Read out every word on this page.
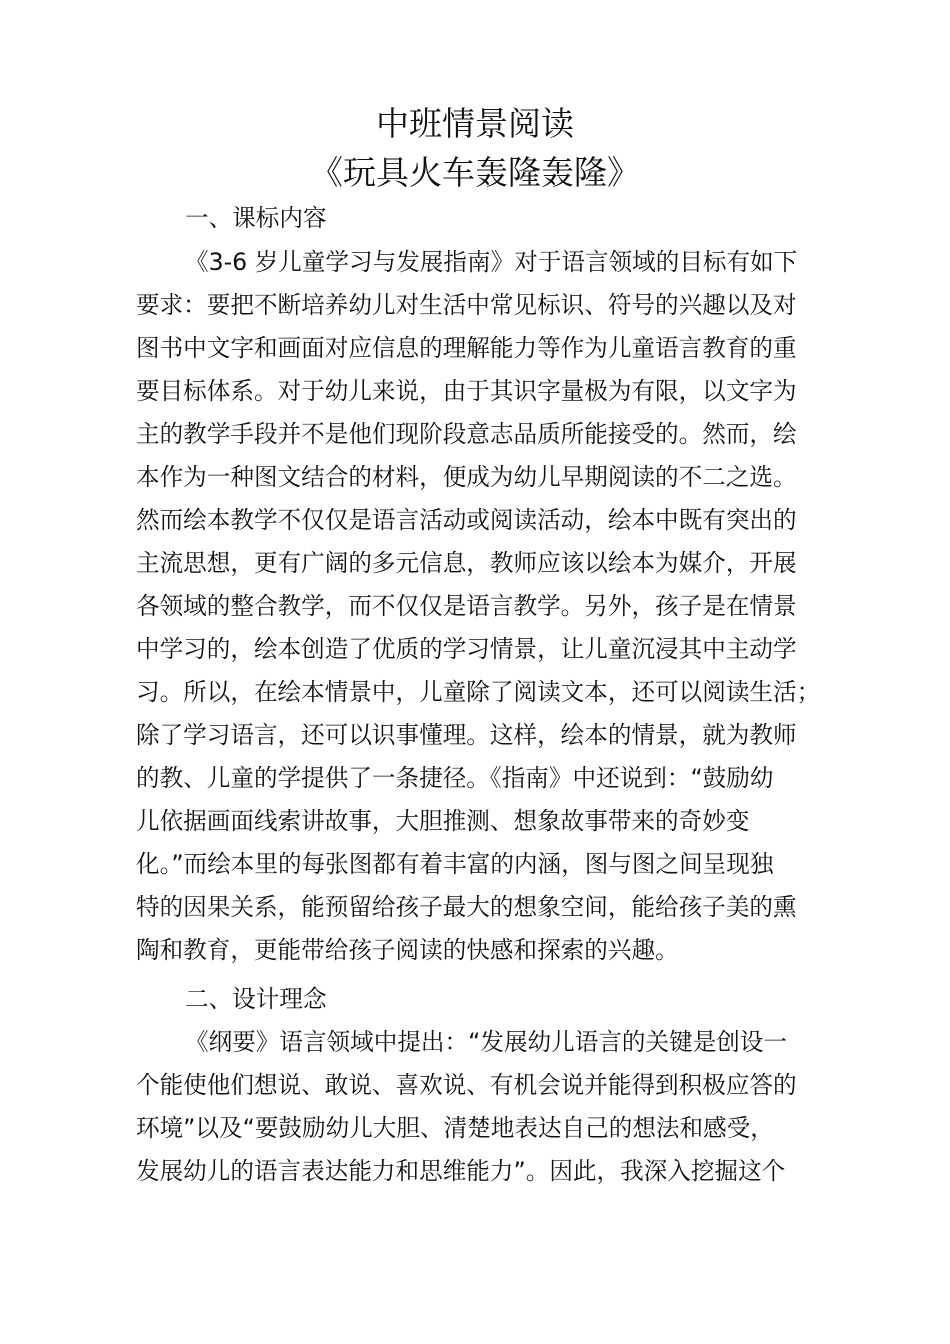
中班情景阅读
《玩具火车轰隆轰隆》
一、课标内容
《3-6 岁儿童学习与发展指南》对于语言领域的目标有如下
要求：要把不断培养幼儿对生活中常见标识、符号的兴趣以及对
图书中文字和画面对应信息的理解能力等作为儿童语言教育的重
要目标体系。对于幼儿来说，由于其识字量极为有限，以文字为
主的教学手段并不是他们现阶段意志品质所能接受的。然而，绘
本作为一种图文结合的材料，便成为幼儿早期阅读的不二之选。
然而绘本教学不仅仅是语言活动或阅读活动，绘本中既有突出的
主流思想，更有广阔的多元信息，教师应该以绘本为媒介，开展
各领域的整合教学，而不仅仅是语言教学。另外，孩子是在情景
中学习的，绘本创造了优质的学习情景，让儿童沉浸其中主动学
习。所以，在绘本情景中，儿童除了阅读文本，还可以阅读生活；
除了学习语言，还可以识事懂理。这样，绘本的情景，就为教师
的教、儿童的学提供了一条捷径。《指南》中还说到：“鼓励幼
儿依据画面线索讲故事，大胆推测、想象故事带来的奇妙变
化。”而绘本里的每张图都有着丰富的内涵，图与图之间呈现独
特的因果关系，能预留给孩子最大的想象空间，能给孩子美的熏
陶和教育，更能带给孩子阅读的快感和探索的兴趣。
二、设计理念
《纲要》语言领域中提出：“发展幼儿语言的关键是创设一
个能使他们想说、敢说、喜欢说、有机会说并能得到积极应答的
环境”以及“要鼓励幼儿大胆、清楚地表达自己的想法和感受，
发展幼儿的语言表达能力和思维能力”。因此，我深入挖掘这个
